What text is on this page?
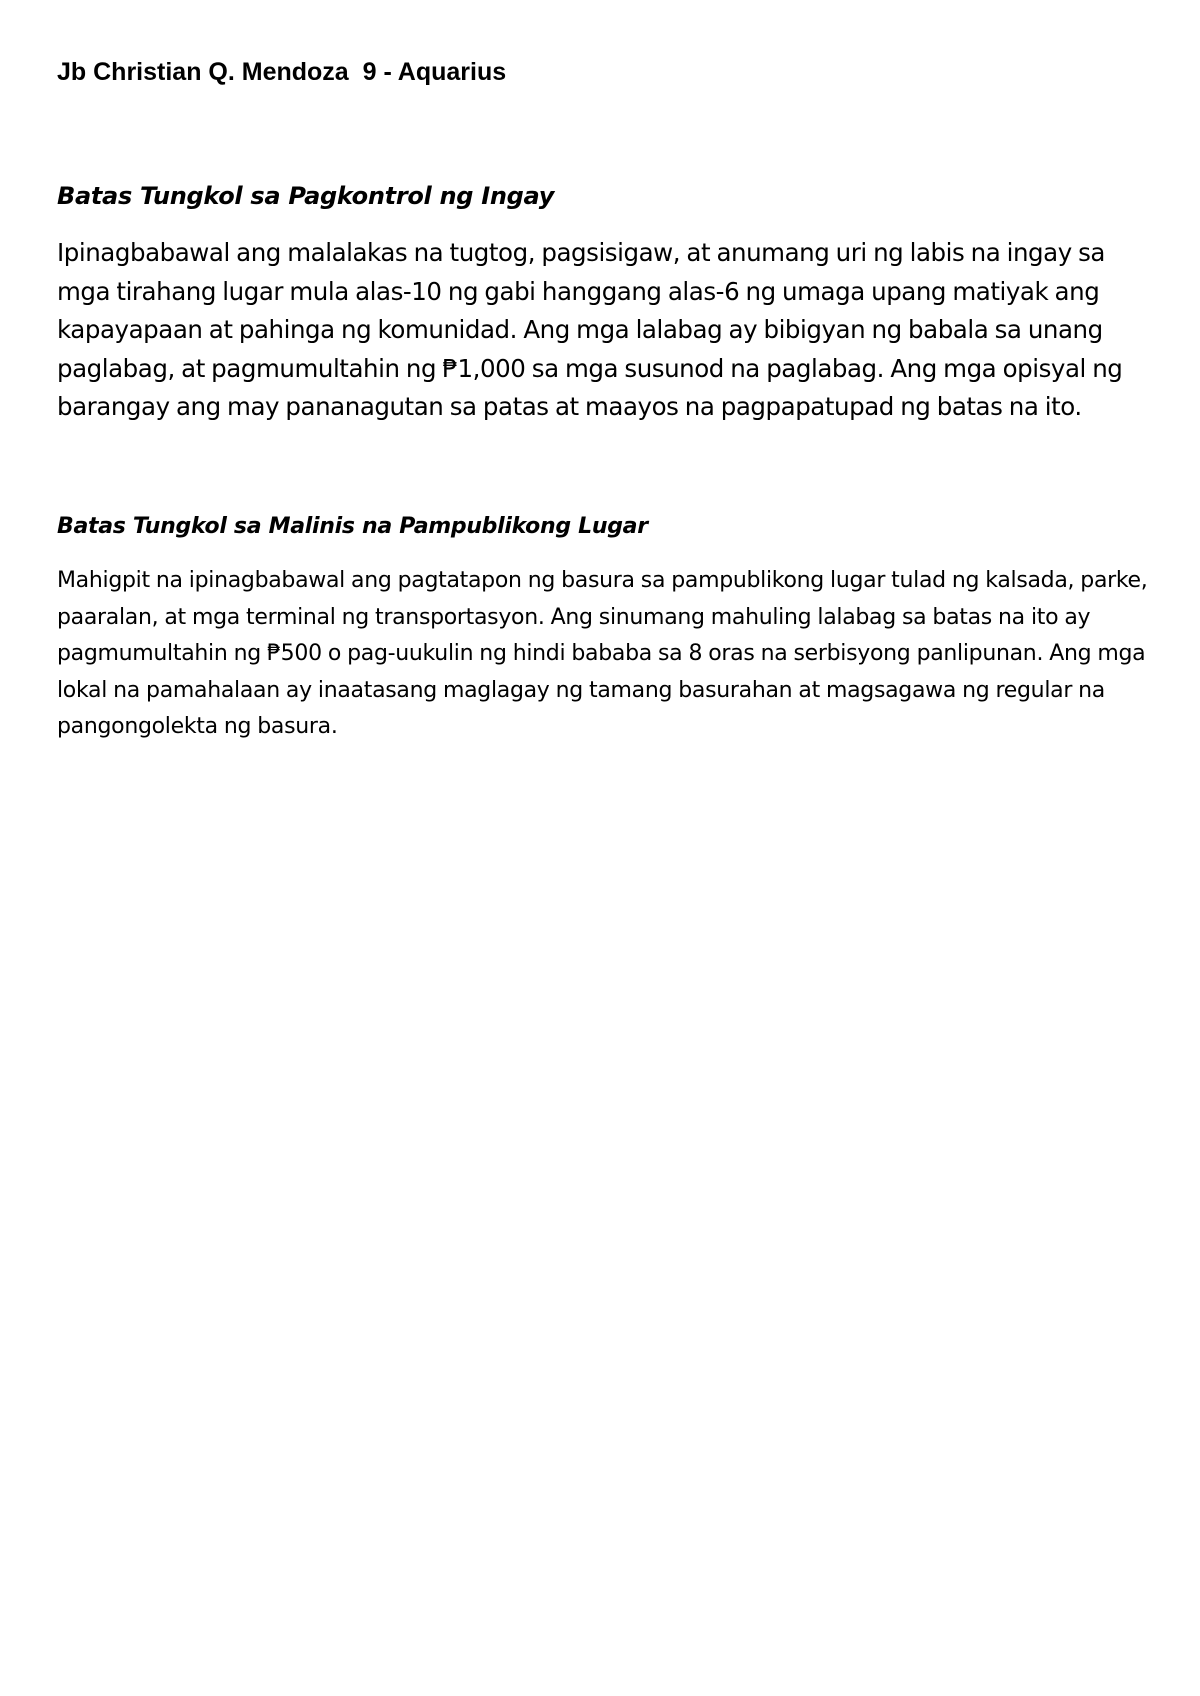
Jb Christian Q. Mendoza  9 - Aquarius

Batas Tungkol sa Pagkontrol ng Ingay

Ipinagbabawal ang malalakas na tugtog, pagsisigaw, at anumang uri ng labis na ingay sa mga tirahang lugar mula alas-10 ng gabi hanggang alas-6 ng umaga upang matiyak ang kapayapaan at pahinga ng komunidad. Ang mga lalabag ay bibigyan ng babala sa unang paglabag, at pagmumultahin ng ₱1,000 sa mga susunod na paglabag. Ang mga opisyal ng barangay ang may pananagutan sa patas at maayos na pagpapatupad ng batas na ito.

Batas Tungkol sa Malinis na Pampublikong Lugar

Mahigpit na ipinagbabawal ang pagtatapon ng basura sa pampublikong lugar tulad ng kalsada, parke, paaralan, at mga terminal ng transportasyon. Ang sinumang mahuling lalabag sa batas na ito ay pagmumultahin ng ₱500 o pag-uukulin ng hindi bababa sa 8 oras na serbisyong panlipunan. Ang mga lokal na pamahalaan ay inaatasang maglagay ng tamang basurahan at magsagawa ng regular na pangongolekta ng basura.
